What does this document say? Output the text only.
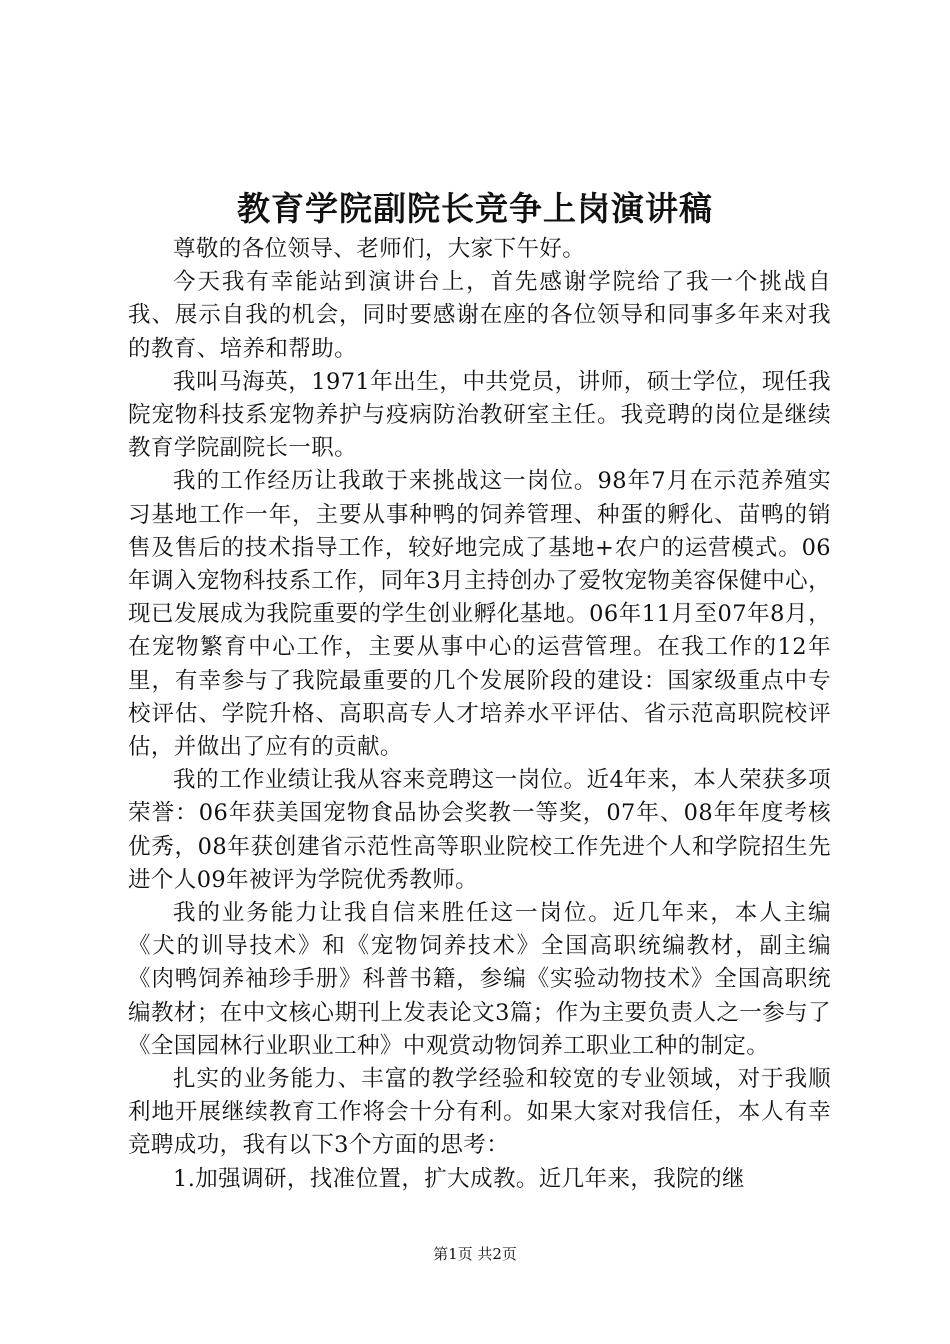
教育学院副院长竞争上岗演讲稿

尊敬的各位领导、老师们，大家下午好。

今天我有幸能站到演讲台上，首先感谢学院给了我一个挑战自我、展示自我的机会，同时要感谢在座的各位领导和同事多年来对我的教育、培养和帮助。

我叫马海英，1971年出生，中共党员，讲师，硕士学位，现任我院宠物科技系宠物养护与疫病防治教研室主任。我竞聘的岗位是继续教育学院副院长一职。

我的工作经历让我敢于来挑战这一岗位。98年7月在示范养殖实习基地工作一年，主要从事种鸭的饲养管理、种蛋的孵化、苗鸭的销售及售后的技术指导工作，较好地完成了基地+农户的运营模式。06年调入宠物科技系工作，同年3月主持创办了爱牧宠物美容保健中心，现已发展成为我院重要的学生创业孵化基地。06年11月至07年8月，在宠物繁育中心工作，主要从事中心的运营管理。在我工作的12年里，有幸参与了我院最重要的几个发展阶段的建设：国家级重点中专校评估、学院升格、高职高专人才培养水平评估、省示范高职院校评估，并做出了应有的贡献。

我的工作业绩让我从容来竞聘这一岗位。近4年来，本人荣获多项荣誉：06年获美国宠物食品协会奖教一等奖，07年、08年年度考核优秀，08年获创建省示范性高等职业院校工作先进个人和学院招生先进个人09年被评为学院优秀教师。

我的业务能力让我自信来胜任这一岗位。近几年来，本人主编《犬的训导技术》和《宠物饲养技术》全国高职统编教材，副主编《肉鸭饲养袖珍手册》科普书籍，参编《实验动物技术》全国高职统编教材；在中文核心期刊上发表论文3篇；作为主要负责人之一参与了《全国园林行业职业工种》中观赏动物饲养工职业工种的制定。

扎实的业务能力、丰富的教学经验和较宽的专业领域，对于我顺利地开展继续教育工作将会十分有利。如果大家对我信任，本人有幸竞聘成功，我有以下3个方面的思考：

1.加强调研，找准位置，扩大成教。近几年来，我院的继

第1页 共2页
